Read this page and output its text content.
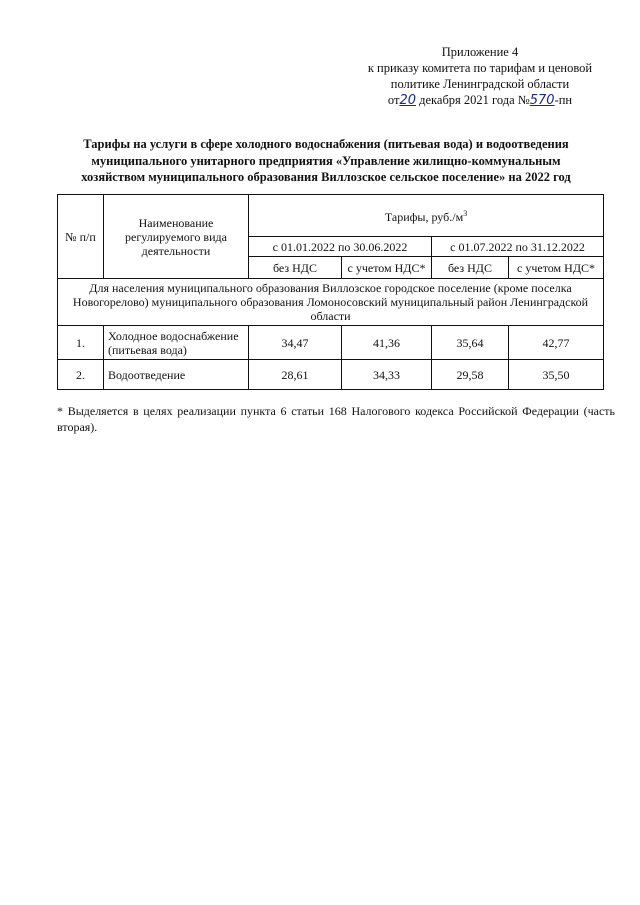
Приложение 4
к приказу комитета по тарифам и ценовой
политике Ленинградской области
от20 декабря 2021 года №570-пн
Тарифы на услуги в сфере холодного водоснабжения (питьевая вода) и водоотведения
муниципального унитарного предприятия «Управление жилищно-коммунальным
хозяйством муниципального образования Виллозское сельское поселение» на 2022 год
№ п/п	Наименование регулируемого вида деятельности	Тарифы, $руб./м^3$
		с 01.01.2022 по 30.06.2022		с 01.07.2022 по 31.12.2022	
		без НДС	с учетом НДС*	без НДС	с учетом НДС*
Для населения муниципального образования Виллозское городское поселение (кроме поселка Новогорелово) муниципального образования Ломоносовский муниципальный район Ленинградской области					
1.	Холодное водоснабжение (питьевая вода)	34,47	41,36	35,64	42,77
2.	Водоотведение	28,61	34,33	29,58	35,50
* Выделяется в целях реализации пункта 6 статьи 168 Налогового кодекса Российской Федерации (часть вторая).
